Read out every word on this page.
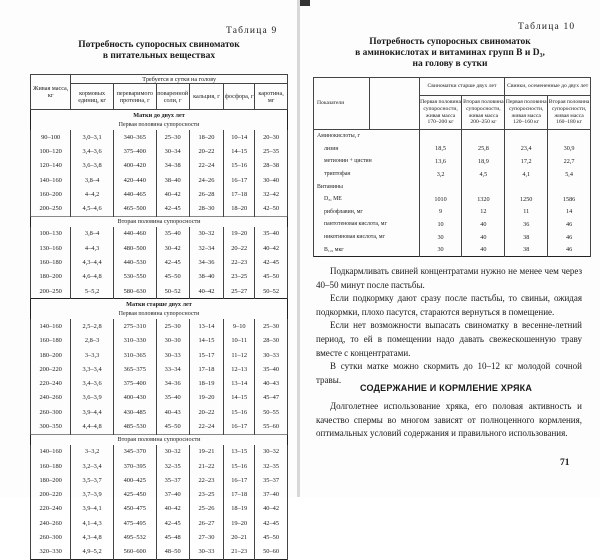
Таблица 9
Потребность супоросных свиноматок
в питательных веществах
Живая масса, кг	Требуется в сутки на голову					
	кормовых единиц, кг	переваримого протеина, г	поваренной соли, г	кальция, г	фосфора, г	каротина, мг
Матки до двух лет						
Первая половина супоросности						
90–100	3,0–3,1	340–365	25–30	18–20	10–14	20–30
100–120	3,4–3,6	375–400	30–34	20–22	14–15	25–35
120–140	3,6–3,8	400–420	34–38	22–24	15–16	28–38
140–160	3,8–4	420–440	38–40	24–26	16–17	30–40
160–200	4–4,2	440–465	40–42	26–28	17–18	32–42
200–250	4,5–4,6	465–500	42–45	28–30	18–20	42–50
Вторая половина супоросности						
100–130	3,8–4	440–460	35–40	30–32	19–20	35–40
130–160	4–4,3	480–500	30–42	32–34	20–22	40–42
160–180	4,3–4,4	440–530	42–45	34–36	22–23	42–45
180–200	4,6–4,8	530–550	45–50	38–40	23–25	45–50
200–250	5–5,2	580–630	50–52	40–42	25–27	50–52
Матки старше двух лет						
Первая половина супоросности						
140–160	2,5–2,8	275–310	25–30	13–14	9–10	25–30
160–180	2,8–3	310–330	30–30	14–15	10–11	28–30
180–200	3–3,3	310–365	30–33	15–17	11–12	30–33
200–220	3,3–3,4	365–375	33–34	17–18	12–13	35–40
220–240	3,4–3,6	375–400	34–36	18–19	13–14	40–43
240–260	3,6–3,9	400–430	35–40	19–20	14–15	45–47
260–300	3,9–4,4	430–485	40–43	20–22	15–16	50–55
300–350	4,4–4,8	485–530	45–50	22–24	16–17	55–60
Вторая половина супоросности						
140–160	3–3,2	345–370	30–32	19–21	13–15	30–32
160–180	3,2–3,4	370–395	32–35	21–22	15–16	32–35
180–200	3,5–3,7	400–425	35–37	22–23	16–17	35–37
200–220	3,7–3,9	425–450	37–40	23–25	17–18	37–40
220–240	3,9–4,1	450–475	40–42	25–26	18–19	40–42
240–260	4,1–4,3	475–495	42–45	26–27	19–20	42–45
260–300	4,3–4,8	495–532	45–48	27–30	20–21	45–50
320–330	4,9–5,2	560–600	48–50	30–33	21–23	50–60
Таблица 10
Потребность супоросных свиноматок
в аминокислотах и витаминах групп B и D₃,
на голову в сутки
Показатели		Свиноматки старше двух лет		Свинки, осемененные до двух лет	
		Первая половина супоросности, живая масса 170–200 кг	Вторая половина супоросности, живая масса 200–250 кг	Первая половина супоросности, живая масса 120–160 кг	Вторая половина супоросности, живая масса 160–180 кг
Аминокислоты, г					
лизин		18,5	25,8	23,4	30,9
метионин + цистин		13,6	18,9	17,2	22,7
триптофан		3,2	4,5	4,1	5,4
Витамины					
D₃, МЕ		1010	1320	1250	1586
рибофлавин, мг		9	12	11	14
пантотеновая кислота, мг		10	40	36	46
никотиновая кислота, мг		30	40	38	46
B₁₂, мкг		30	40	38	46

Подкармливать свиней концентратами нужно не менее чем через 40–50 минут после пастьбы.

Если подкормку дают сразу после пастьбы, то свиньи, ожидая подкормки, плохо пасутся, стараются вернуться в помещение.

Если нет возможности выпасать свиноматку в весенне-летний период, то ей в помещении надо давать свежескошенную траву вместе с концентратами.

В сутки матке можно скормить до 10–12 кг молодой сочной травы.

СОДЕРЖАНИЕ И КОРМЛЕНИЕ ХРЯКА

Долголетнее использование хряка, его половая активность и качество спермы во многом зависят от полноценного кормления, оптимальных условий содержания и правильного использования.

71
